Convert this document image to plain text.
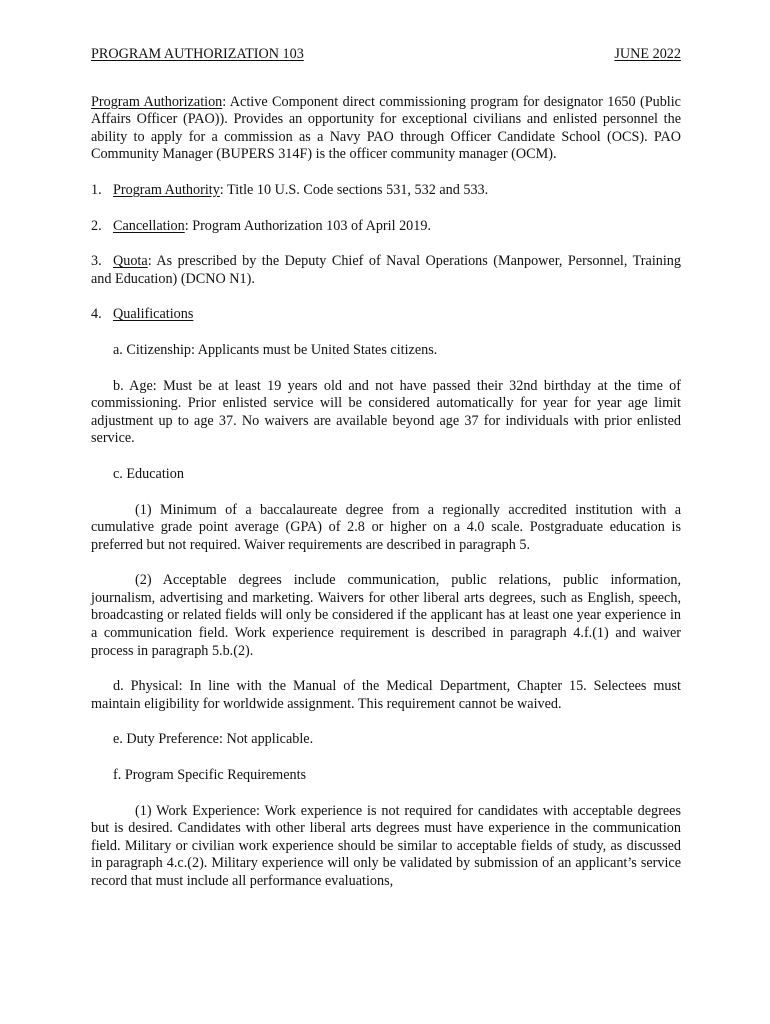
PROGRAM AUTHORIZATION 103	JUNE 2022

Program Authorization: Active Component direct commissioning program for designator 1650 (Public Affairs Officer (PAO)). Provides an opportunity for exceptional civilians and enlisted personnel the ability to apply for a commission as a Navy PAO through Officer Candidate School (OCS). PAO Community Manager (BUPERS 314F) is the officer community manager (OCM).

1. Program Authority: Title 10 U.S. Code sections 531, 532 and 533.

2. Cancellation: Program Authorization 103 of April 2019.

3. Quota: As prescribed by the Deputy Chief of Naval Operations (Manpower, Personnel, Training and Education) (DCNO N1).

4. Qualifications

a. Citizenship: Applicants must be United States citizens.

b. Age: Must be at least 19 years old and not have passed their 32nd birthday at the time of commissioning. Prior enlisted service will be considered automatically for year for year age limit adjustment up to age 37. No waivers are available beyond age 37 for individuals with prior enlisted service.

c. Education

(1) Minimum of a baccalaureate degree from a regionally accredited institution with a cumulative grade point average (GPA) of 2.8 or higher on a 4.0 scale. Postgraduate education is preferred but not required. Waiver requirements are described in paragraph 5.

(2) Acceptable degrees include communication, public relations, public information, journalism, advertising and marketing. Waivers for other liberal arts degrees, such as English, speech, broadcasting or related fields will only be considered if the applicant has at least one year experience in a communication field. Work experience requirement is described in paragraph 4.f.(1) and waiver process in paragraph 5.b.(2).

d. Physical: In line with the Manual of the Medical Department, Chapter 15. Selectees must maintain eligibility for worldwide assignment. This requirement cannot be waived.

e. Duty Preference: Not applicable.

f. Program Specific Requirements

(1) Work Experience: Work experience is not required for candidates with acceptable degrees but is desired. Candidates with other liberal arts degrees must have experience in the communication field. Military or civilian work experience should be similar to acceptable fields of study, as discussed in paragraph 4.c.(2). Military experience will only be validated by submission of an applicant’s service record that must include all performance evaluations,
